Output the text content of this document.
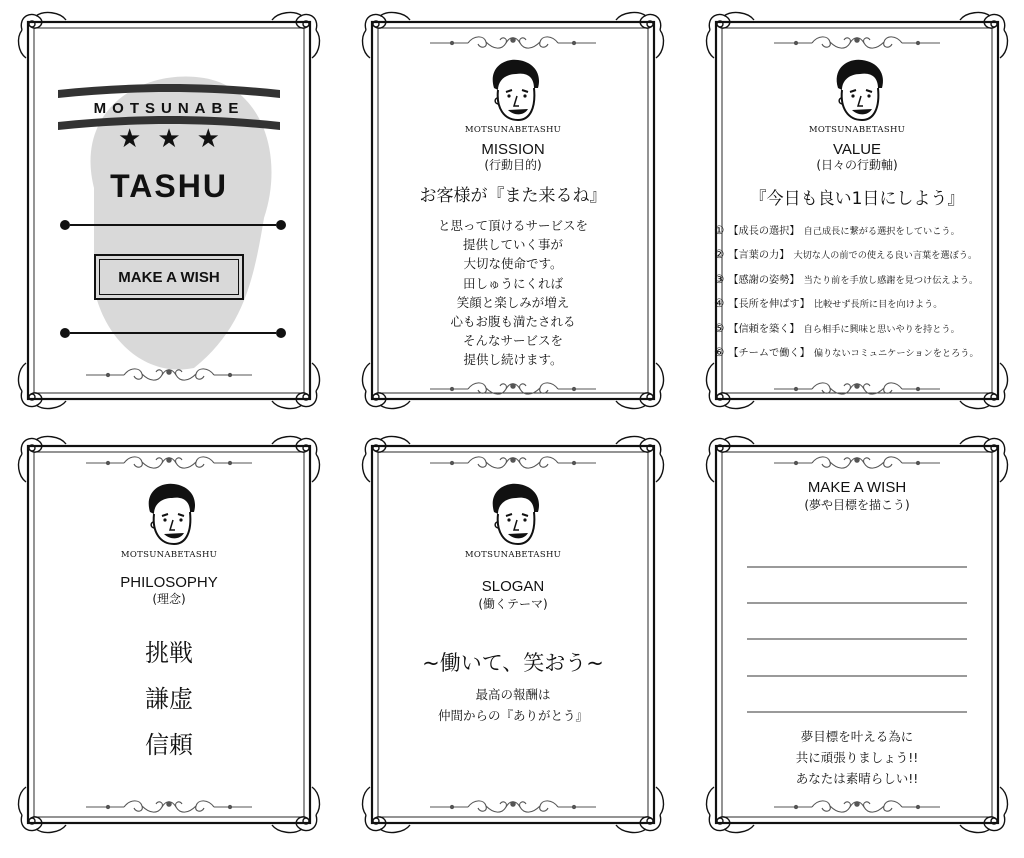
MOTSUNABE
★★★
TASHU
MAKE A WISH
MOTSUNABETASHU
MISSION
(行動目的)
お客様が『また来るね』
と思って頂けるサービスを
提供していく事が
大切な使命です。
田しゅうにくれば
笑顔と楽しみが増え
心もお腹も満たされる
そんなサービスを
提供し続けます。
MOTSUNABETASHU
VALUE
(日々の行動軸)
『今日も良い1日にしよう』
① 【成長の選択】 自己成長に繋がる選択をしていこう。
② 【言葉の力】 大切な人の前での使える良い言葉を選ぼう。
③ 【感謝の姿勢】 当たり前を手放し感謝を見つけ伝えよう。
④ 【長所を伸ばす】 比較せず長所に目を向けよう。
⑤ 【信頼を築く】 自ら相手に興味と思いやりを持とう。
⑥ 【チームで働く】 偏りないコミュニケーションをとろう。
MOTSUNABETASHU
PHILOSOPHY
(理念)
挑戦
謙虚
信頼
MOTSUNABETASHU
SLOGAN
(働くテーマ)
~働いて、笑おう~
最高の報酬は
仲間からの『ありがとう』
MAKE A WISH
(夢や目標を描こう)
夢目標を叶える為に
共に頑張りましょう!!
あなたは素晴らしい!!
